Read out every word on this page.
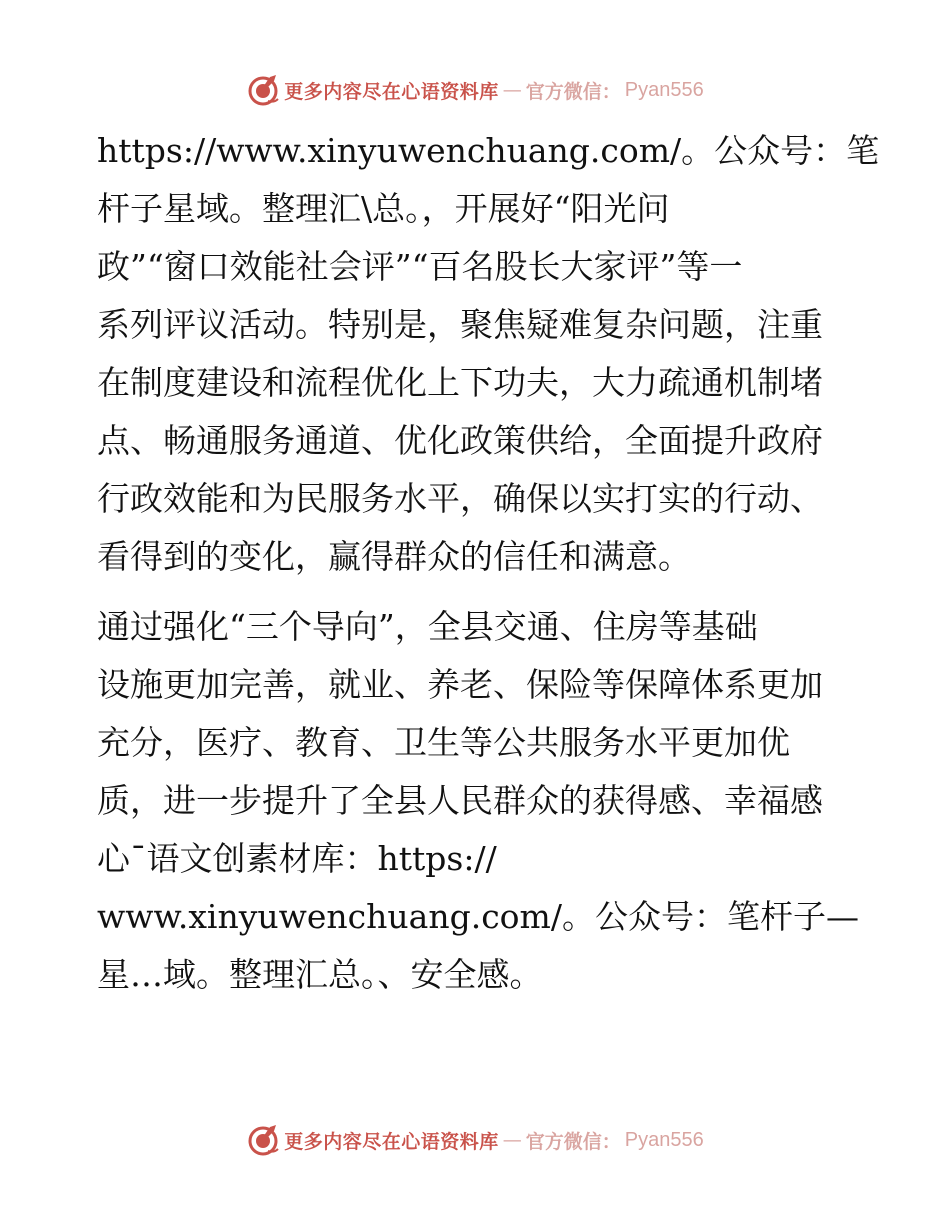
更多内容尽在心语资料库 — 官方微信： Pyan556
https://www.xinyuwenchuang.com/。公众号：笔
杆子星域。整理汇\总。，开展好“阳光问
政”“窗口效能社会评”“百名股长大家评”等一
系列评议活动。特别是，聚焦疑难复杂问题，注重
在制度建设和流程优化上下功夫，大力疏通机制堵
点、畅通服务通道、优化政策供给，全面提升政府
行政效能和为民服务水平，确保以实打实的行动、
看得到的变化，赢得群众的信任和满意。
通过强化“三个导向”，全县交通、住房等基础
设施更加完善，就业、养老、保险等保障体系更加
充分，医疗、教育、卫生等公共服务水平更加优
质，进一步提升了全县人民群众的获得感、幸福感
心¯语文创素材库：https://
www.xinyuwenchuang.com/。公众号：笔杆子—
星…域。整理汇总。、安全感。
更多内容尽在心语资料库 — 官方微信： Pyan556
